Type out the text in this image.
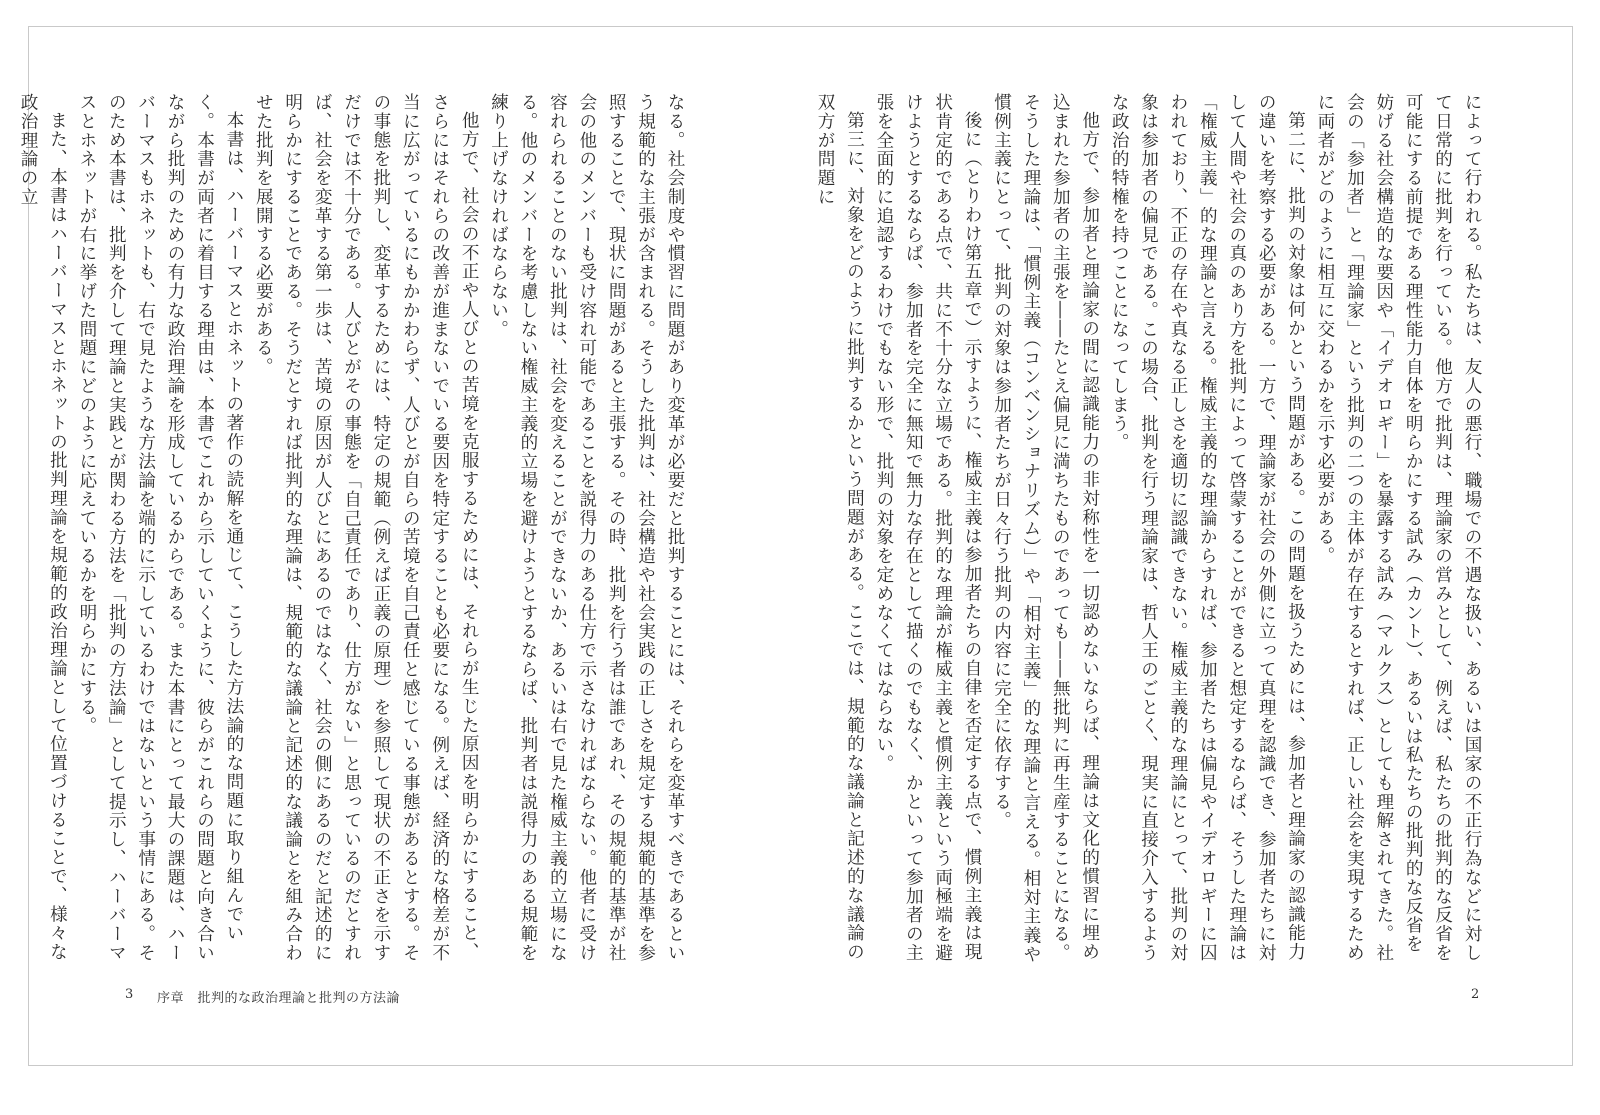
なる。社会制度や慣習に問題があり変革が必要だと批判することには、それらを変革すべきであるという規範的な主張が含まれる。そうした批判は、社会構造や社会実践の正しさを規定する規範的基準を参照することで、現状に問題があると主張する。その時、批判を行う者は誰であれ、その規範的基準が社会の他のメンバーも受け容れ可能であることを説得力のある仕方で示さなければならない。他者に受け容れられることのない批判は、社会を変えることができないか、あるいは右で見た権威主義的立場になる。他のメンバーを考慮しない権威主義的立場を避けようとするならば、批判者は説得力のある規範を練り上げなければならない。

他方で、社会の不正や人びとの苦境を克服するためには、それらが生じた原因を明らかにすること、さらにはそれらの改善が進まないでいる要因を特定することも必要になる。例えば、経済的な格差が不当に広がっているにもかかわらず、人びとが自らの苦境を自己責任と感じている事態があるとする。その事態を批判し、変革するためには、特定の規範（例えば正義の原理）を参照して現状の不正さを示すだけでは不十分である。人びとがその事態を「自己責任であり、仕方がない」と思っているのだとすれば、社会を変革する第一歩は、苦境の原因が人びとにあるのではなく、社会の側にあるのだと記述的に明らかにすることである。そうだとすれば批判的な理論は、規範的な議論と記述的な議論とを組み合わせた批判を展開する必要がある。

本書は、ハーバーマスとホネットの著作の読解を通じて、こうした方法論的な問題に取り組んでいく。本書が両者に着目する理由は、本書でこれから示していくように、彼らがこれらの問題と向き合いながら批判のための有力な政治理論を形成しているからである。また本書にとって最大の課題は、ハーバーマスもホネットも、右で見たような方法論を端的に示しているわけではないという事情にある。そのため本書は、批判を介して理論と実践とが関わる方法を「批判の方法論」として提示し、ハーバーマスとホネットが右に挙げた問題にどのように応えているかを明らかにする。

また、本書はハーバーマスとホネットの批判理論を規範的政治理論として位置づけることで、様々な政治理論の立

3 序章　批判的な政治理論と批判の方法論

によって行われる。私たちは、友人の悪行、職場での不遇な扱い、あるいは国家の不正行為などに対して日常的に批判を行っている。他方で批判は、理論家の営みとして、例えば、私たちの批判的な反省を可能にする前提である理性能力自体を明らかにする試み（カント）、あるいは私たちの批判的な反省を妨げる社会構造的な要因や「イデオロギー」を暴露する試み（マルクス）としても理解されてきた。社会の「参加者」と「理論家」という批判の二つの主体が存在するとすれば、正しい社会を実現するために両者がどのように相互に交わるかを示す必要がある。

第二に、批判の対象は何かという問題がある。この問題を扱うためには、参加者と理論家の認識能力の違いを考察する必要がある。一方で、理論家が社会の外側に立って真理を認識でき、参加者たちに対して人間や社会の真のあり方を批判によって啓蒙することができると想定するならば、そうした理論は「権威主義」的な理論と言える。権威主義的な理論からすれば、参加者たちは偏見やイデオロギーに囚われており、不正の存在や真なる正しさを適切に認識できない。権威主義的な理論にとって、批判の対象は参加者の偏見である。この場合、批判を行う理論家は、哲人王のごとく、現実に直接介入するような政治的特権を持つことになってしまう。

他方で、参加者と理論家の間に認識能力の非対称性を一切認めないならば、理論は文化的慣習に埋め込まれた参加者の主張を――たとえ偏見に満ちたものであっても――無批判に再生産することになる。そうした理論は、「慣例主義（コンベンショナリズム）」や「相対主義」的な理論と言える。相対主義や慣例主義にとって、批判の対象は参加者たちが日々行う批判の内容に完全に依存する。

後に（とりわけ第五章で）示すように、権威主義は参加者たちの自律を否定する点で、慣例主義は現状肯定的である点で、共に不十分な立場である。批判的な理論が権威主義と慣例主義という両極端を避けようとするならば、参加者を完全に無知で無力な存在として描くのでもなく、かといって参加者の主張を全面的に追認するわけでもない形で、批判の対象を定めなくてはならない。

第三に、対象をどのように批判するかという問題がある。ここでは、規範的な議論と記述的な議論の双方が問題に

2
